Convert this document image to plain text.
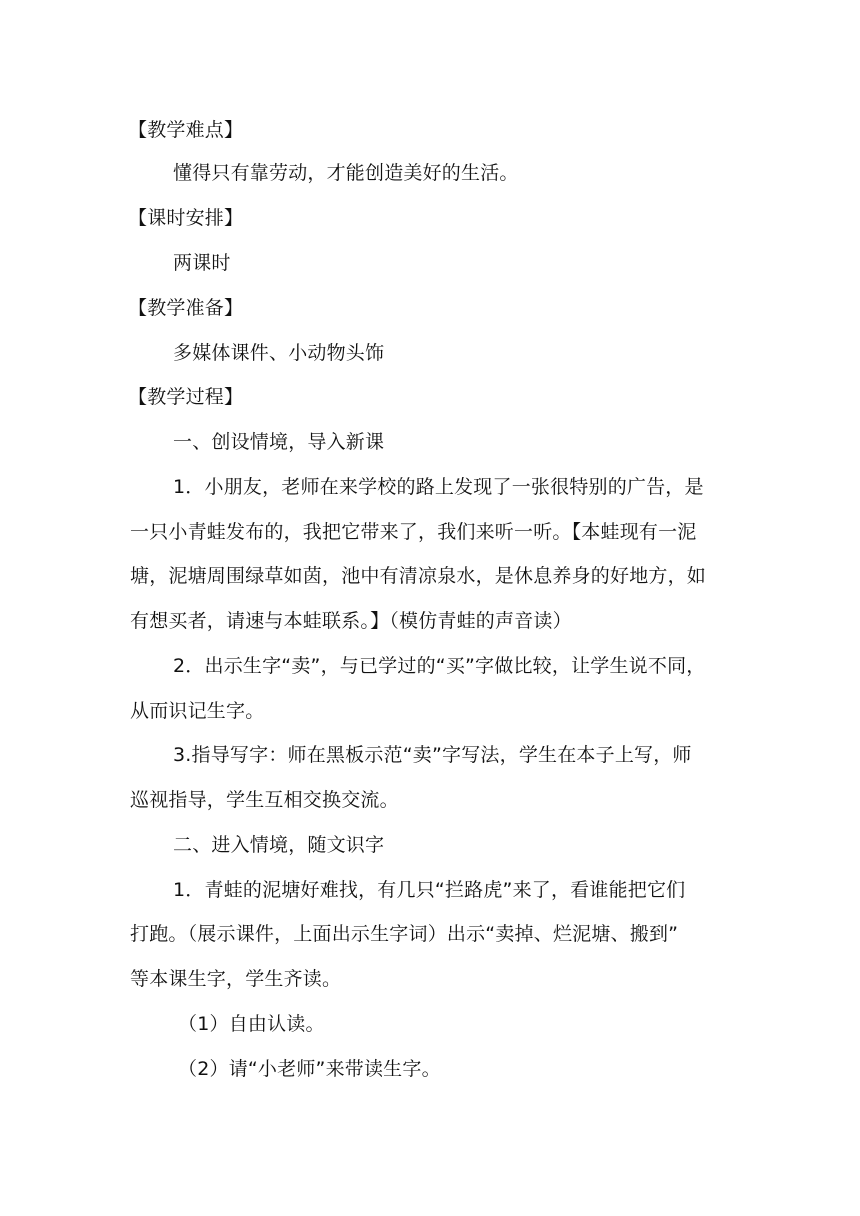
【教学难点】
懂得只有靠劳动，才能创造美好的生活。
【课时安排】
两课时
【教学准备】
多媒体课件、小动物头饰
【教学过程】
一、创设情境，导入新课
1．小朋友，老师在来学校的路上发现了一张很特别的广告，是
一只小青蛙发布的，我把它带来了，我们来听一听。【本蛙现有一泥
塘，泥塘周围绿草如茵，池中有清凉泉水，是休息养身的好地方，如
有想买者，请速与本蛙联系。】（模仿青蛙的声音读）
2．出示生字“卖”，与已学过的“买”字做比较，让学生说不同，
从而识记生字。
3.指导写字：师在黑板示范“卖”字写法，学生在本子上写，师
巡视指导，学生互相交换交流。
二、进入情境，随文识字
1．青蛙的泥塘好难找，有几只“拦路虎”来了，看谁能把它们
打跑。（展示课件，上面出示生字词）出示“卖掉、烂泥塘、搬到”
等本课生字，学生齐读。
（1）自由认读。
（2）请“小老师”来带读生字。
